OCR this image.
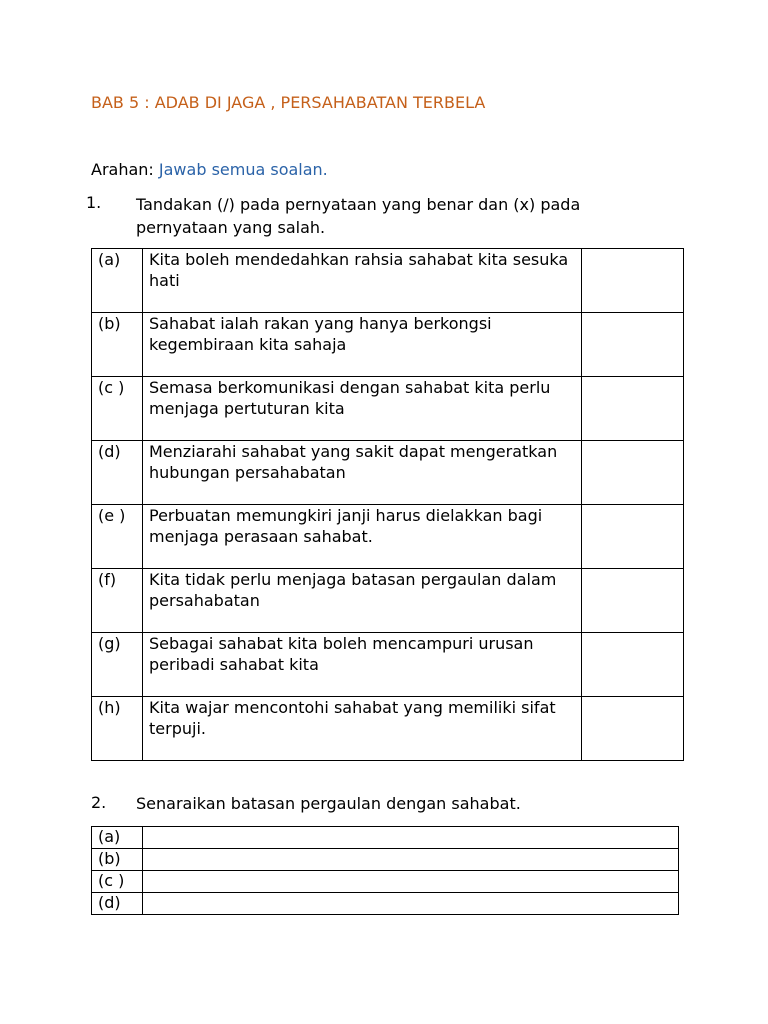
BAB 5 : ADAB DI JAGA , PERSAHABATAN TERBELA
Arahan: Jawab semua soalan.
1. Tandakan (/) pada pernyataan yang benar dan (x) pada pernyataan yang salah.
(a)	Kita boleh mendedahkan rahsia sahabat kita sesuka hati	
(b)	Sahabat ialah rakan yang hanya berkongsi kegembiraan kita sahaja	
(c )	Semasa berkomunikasi dengan sahabat kita perlu menjaga pertuturan kita	
(d)	Menziarahi sahabat yang sakit dapat mengeratkan hubungan persahabatan	
(e )	Perbuatan memungkiri janji harus dielakkan bagi menjaga perasaan sahabat.	
(f)	Kita tidak perlu menjaga batasan pergaulan dalam persahabatan	
(g)	Sebagai sahabat kita boleh mencampuri urusan peribadi sahabat kita	
(h)	Kita wajar mencontohi sahabat yang memiliki sifat terpuji.	
2. Senaraikan batasan pergaulan dengan sahabat.
(a)	
(b)	
(c )	
(d)	
